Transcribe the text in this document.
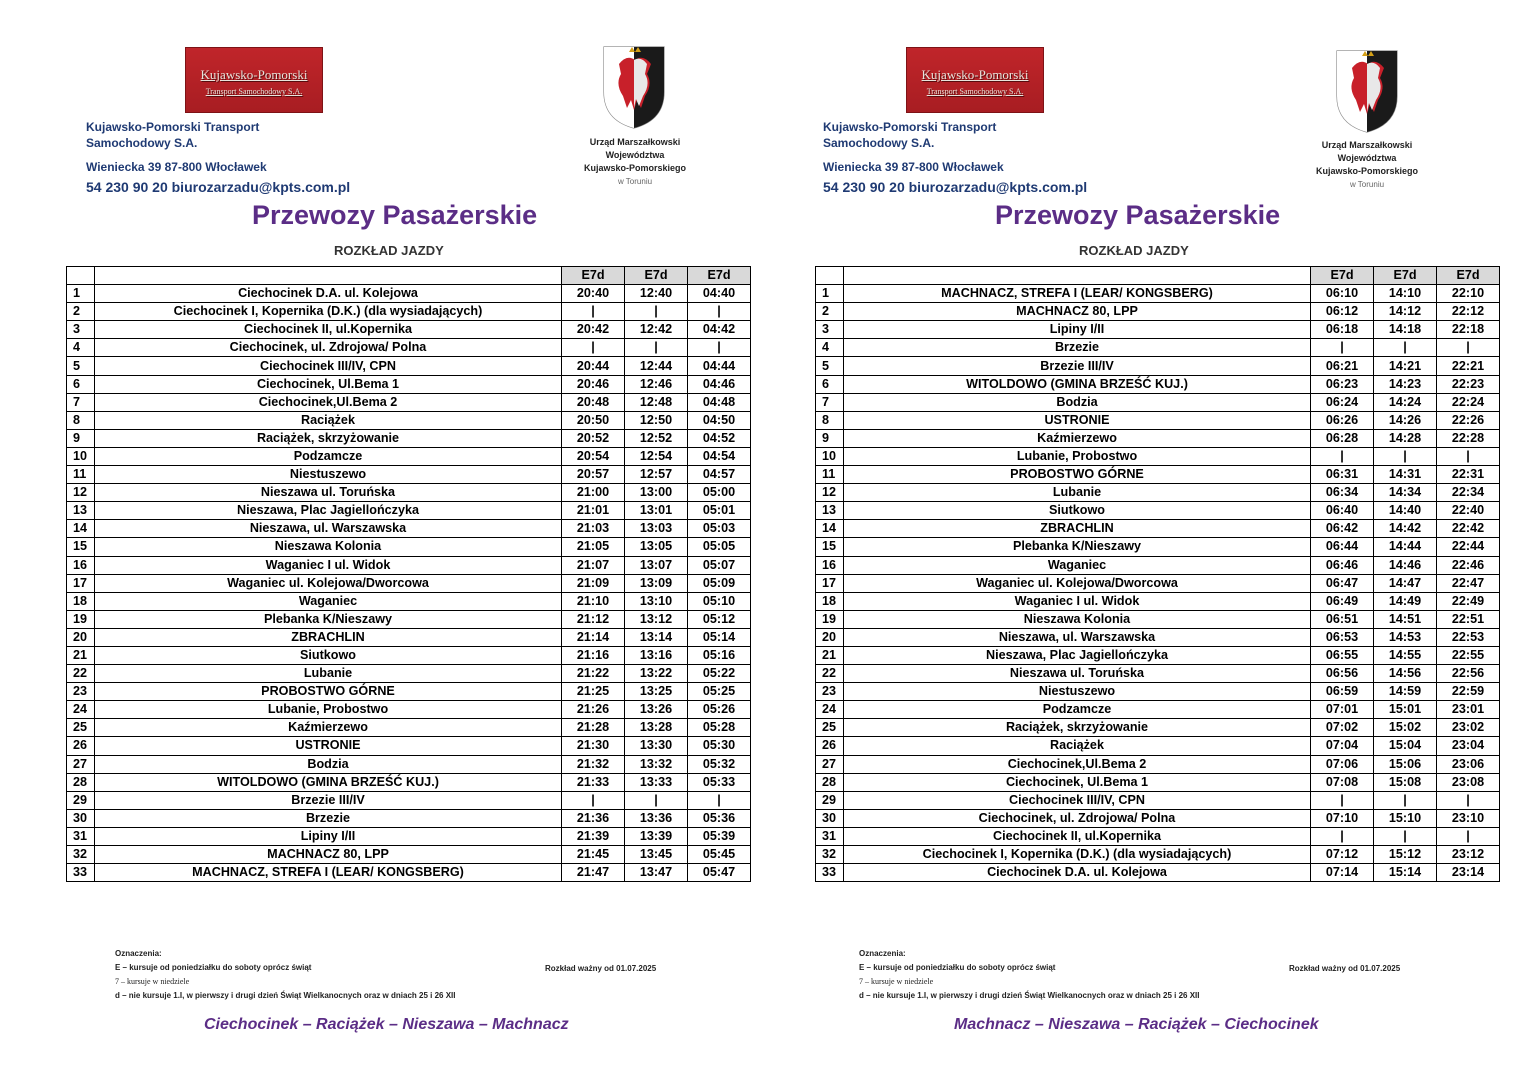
Kujawsko-Pomorski
Transport Samochodowy S.A.
Kujawsko-Pomorski Transport
Samochodowy S.A.
Wieniecka 39 87-800 Włocławek
54 230 90 20 biurozarzadu@kpts.com.pl
Urząd Marszałkowski
Województwa
Kujawsko-Pomorskiego
w Toruniu
Przewozy Pasażerskie
ROZKŁAD JAZDY
		E7d	E7d	E7d
1	Ciechocinek D.A. ul. Kolejowa	20:40	12:40	04:40
2	Ciechocinek I, Kopernika (D.K.) (dla wysiadających)	|	|	|
3	Ciechocinek II, ul.Kopernika	20:42	12:42	04:42
4	Ciechocinek, ul. Zdrojowa/ Polna	|	|	|
5	Ciechocinek III/IV, CPN	20:44	12:44	04:44
6	Ciechocinek, Ul.Bema 1	20:46	12:46	04:46
7	Ciechocinek,Ul.Bema 2	20:48	12:48	04:48
8	Raciążek	20:50	12:50	04:50
9	Raciążek, skrzyżowanie	20:52	12:52	04:52
10	Podzamcze	20:54	12:54	04:54
11	Niestuszewo	20:57	12:57	04:57
12	Nieszawa ul. Toruńska	21:00	13:00	05:00
13	Nieszawa, Plac Jagiellończyka	21:01	13:01	05:01
14	Nieszawa, ul. Warszawska	21:03	13:03	05:03
15	Nieszawa Kolonia	21:05	13:05	05:05
16	Waganiec I ul. Widok	21:07	13:07	05:07
17	Waganiec ul. Kolejowa/Dworcowa	21:09	13:09	05:09
18	Waganiec	21:10	13:10	05:10
19	Plebanka K/Nieszawy	21:12	13:12	05:12
20	ZBRACHLIN	21:14	13:14	05:14
21	Siutkowo	21:16	13:16	05:16
22	Lubanie	21:22	13:22	05:22
23	PROBOSTWO GÓRNE	21:25	13:25	05:25
24	Lubanie, Probostwo	21:26	13:26	05:26
25	Kaźmierzewo	21:28	13:28	05:28
26	USTRONIE	21:30	13:30	05:30
27	Bodzia	21:32	13:32	05:32
28	WITOLDOWO (GMINA BRZEŚĆ KUJ.)	21:33	13:33	05:33
29	Brzezie III/IV	|	|	|
30	Brzezie	21:36	13:36	05:36
31	Lipiny I/II	21:39	13:39	05:39
32	MACHNACZ 80, LPP	21:45	13:45	05:45
33	MACHNACZ, STREFA I (LEAR/ KONGSBERG)	21:47	13:47	05:47
Oznaczenia:
E – kursuje od poniedziałku do soboty oprócz świąt
7 – kursuje w niedziele
d – nie kursuje 1.I, w pierwszy i drugi dzień Świąt Wielkanocnych oraz w dniach 25 i 26 XII
Rozkład ważny od 01.07.2025
Ciechocinek – Raciążek – Nieszawa – Machnacz
Kujawsko-Pomorski
Transport Samochodowy S.A.
Kujawsko-Pomorski Transport
Samochodowy S.A.
Wieniecka 39 87-800 Włocławek
54 230 90 20 biurozarzadu@kpts.com.pl
Urząd Marszałkowski
Województwa
Kujawsko-Pomorskiego
w Toruniu
Przewozy Pasażerskie
ROZKŁAD JAZDY
		E7d	E7d	E7d
1	MACHNACZ, STREFA I (LEAR/ KONGSBERG)	06:10	14:10	22:10
2	MACHNACZ 80, LPP	06:12	14:12	22:12
3	Lipiny I/II	06:18	14:18	22:18
4	Brzezie	|	|	|
5	Brzezie III/IV	06:21	14:21	22:21
6	WITOLDOWO (GMINA BRZEŚĆ KUJ.)	06:23	14:23	22:23
7	Bodzia	06:24	14:24	22:24
8	USTRONIE	06:26	14:26	22:26
9	Kaźmierzewo	06:28	14:28	22:28
10	Lubanie, Probostwo	|	|	|
11	PROBOSTWO GÓRNE	06:31	14:31	22:31
12	Lubanie	06:34	14:34	22:34
13	Siutkowo	06:40	14:40	22:40
14	ZBRACHLIN	06:42	14:42	22:42
15	Plebanka K/Nieszawy	06:44	14:44	22:44
16	Waganiec	06:46	14:46	22:46
17	Waganiec ul. Kolejowa/Dworcowa	06:47	14:47	22:47
18	Waganiec I ul. Widok	06:49	14:49	22:49
19	Nieszawa Kolonia	06:51	14:51	22:51
20	Nieszawa, ul. Warszawska	06:53	14:53	22:53
21	Nieszawa, Plac Jagiellończyka	06:55	14:55	22:55
22	Nieszawa ul. Toruńska	06:56	14:56	22:56
23	Niestuszewo	06:59	14:59	22:59
24	Podzamcze	07:01	15:01	23:01
25	Raciążek, skrzyżowanie	07:02	15:02	23:02
26	Raciążek	07:04	15:04	23:04
27	Ciechocinek,Ul.Bema 2	07:06	15:06	23:06
28	Ciechocinek, Ul.Bema 1	07:08	15:08	23:08
29	Ciechocinek III/IV, CPN	|	|	|
30	Ciechocinek, ul. Zdrojowa/ Polna	07:10	15:10	23:10
31	Ciechocinek II, ul.Kopernika	|	|	|
32	Ciechocinek I, Kopernika (D.K.) (dla wysiadających)	07:12	15:12	23:12
33	Ciechocinek D.A. ul. Kolejowa	07:14	15:14	23:14
Oznaczenia:
E – kursuje od poniedziałku do soboty oprócz świąt
7 – kursuje w niedziele
d – nie kursuje 1.I, w pierwszy i drugi dzień Świąt Wielkanocnych oraz w dniach 25 i 26 XII
Rozkład ważny od 01.07.2025
Machnacz – Nieszawa – Raciążek – Ciechocinek
